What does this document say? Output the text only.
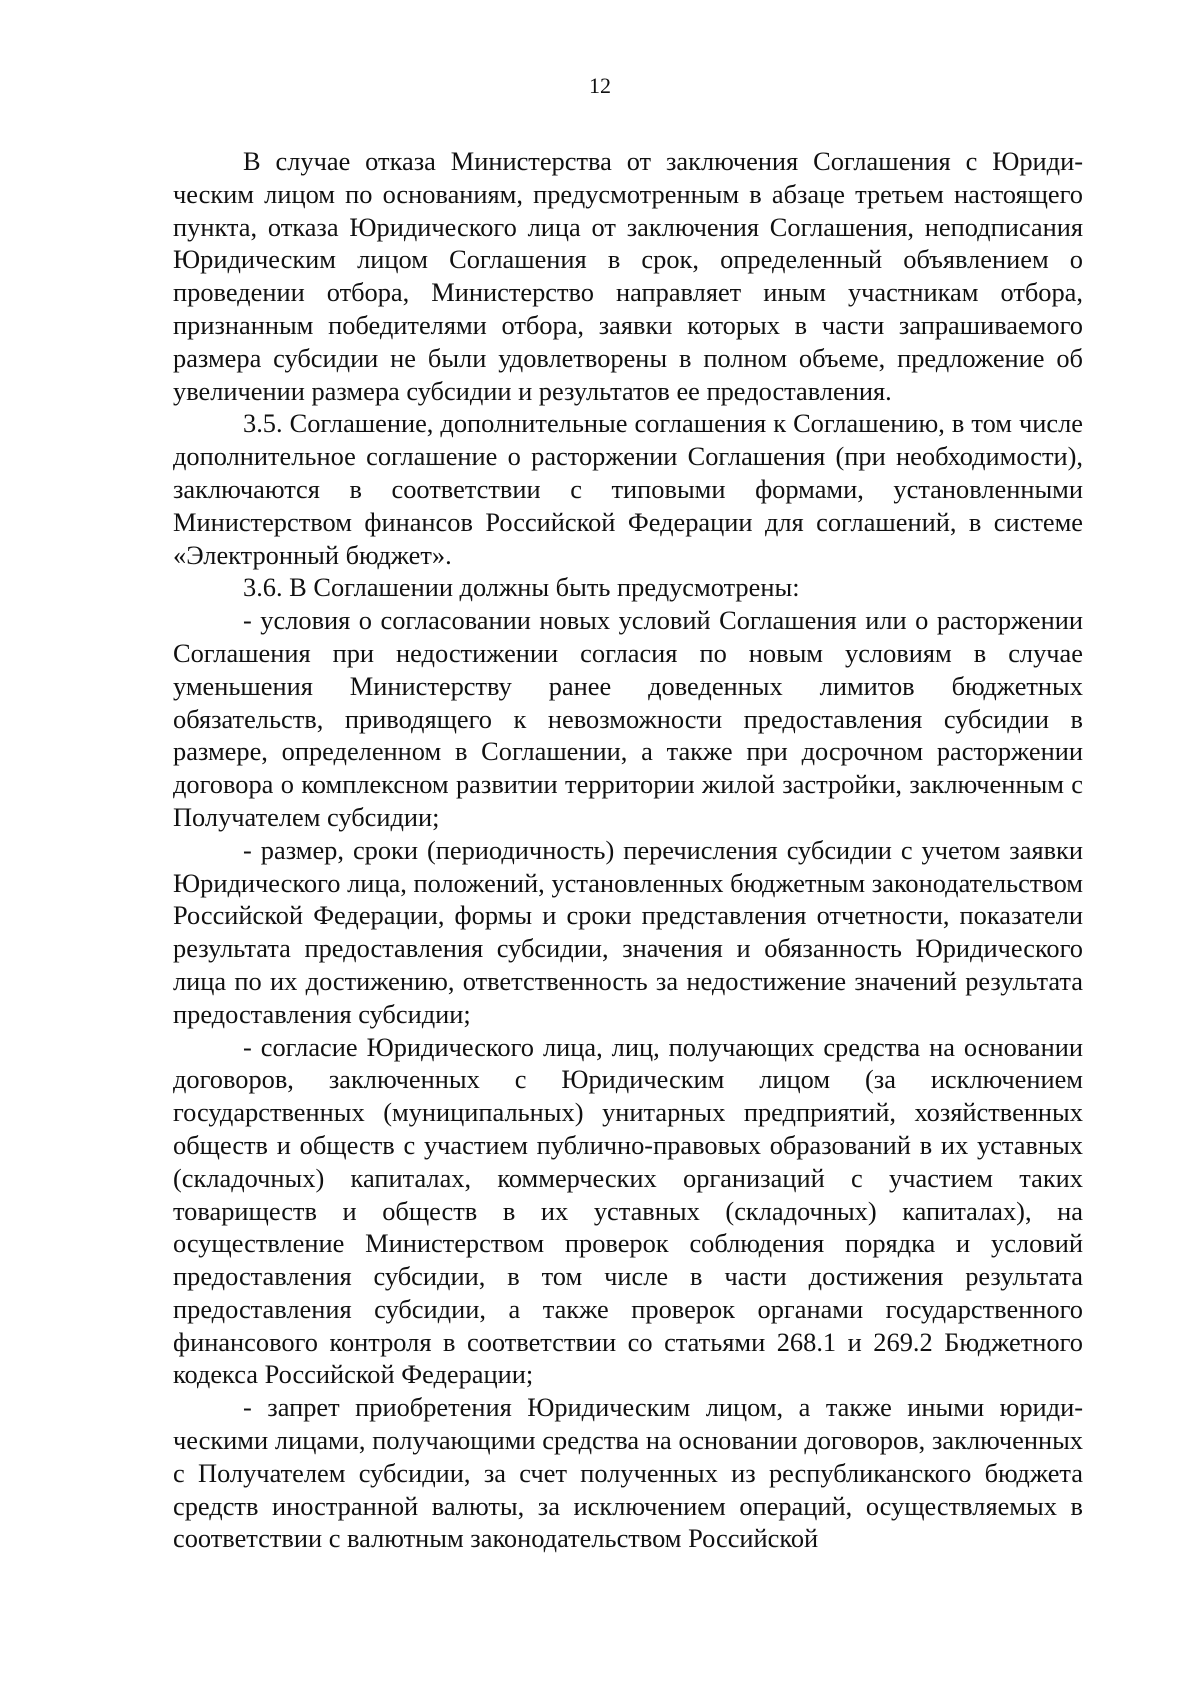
12

В случае отказа Министерства от заключения Соглашения с Юридическим лицом по основаниям, предусмотренным в абзаце третьем настоящего пункта, отказа Юридического лица от заключения Соглашения, неподписания Юридическим лицом Соглашения в срок, определенный объявлением о проведении отбора, Министерство направляет иным участникам отбора, признанным победителями отбора, заявки которых в части запрашиваемого размера субсидии не были удовлетворены в полном объеме, предложение об увеличении размера субсидии и результатов ее предоставления.

3.5. Соглашение, дополнительные соглашения к Соглашению, в том числе дополнительное соглашение о расторжении Соглашения (при необходимости), заключаются в соответствии с типовыми формами, установленными Министерством финансов Российской Федерации для соглашений, в системе «Электронный бюджет».

3.6. В Соглашении должны быть предусмотрены:

- условия о согласовании новых условий Соглашения или о расторжении Соглашения при недостижении согласия по новым условиям в случае уменьшения Министерству ранее доведенных лимитов бюджетных обязательств, приводящего к невозможности предоставления субсидии в размере, определенном в Соглашении, а также при досрочном расторжении договора о комплексном развитии территории жилой застройки, заключенным с Получателем субсидии;

- размер, сроки (периодичность) перечисления субсидии с учетом заявки Юридического лица, положений, установленных бюджетным законодательством Российской Федерации, формы и сроки представления отчетности, показатели результата предоставления субсидии, значения и обязанность Юридического лица по их достижению, ответственность за недостижение значений результата предоставления субсидии;

- согласие Юридического лица, лиц, получающих средства на основании договоров, заключенных с Юридическим лицом (за исключением государственных (муниципальных) унитарных предприятий, хозяйственных обществ и обществ с участием публично-правовых образований в их уставных (складочных) капиталах, коммерческих организаций с участием таких товариществ и обществ в их уставных (складочных) капиталах), на осуществление Министерством проверок соблюдения порядка и условий предоставления субсидии, в том числе в части достижения результата предоставления субсидии, а также проверок органами государственного финансового контроля в соответствии со статьями 268.1 и 269.2 Бюджетного кодекса Российской Федерации;

- запрет приобретения Юридическим лицом, а также иными юридическими лицами, получающими средства на основании договоров, заключенных с Получателем субсидии, за счет полученных из республиканского бюджета средств иностранной валюты, за исключением операций, осуществляемых в соответствии с валютным законодательством Российской
